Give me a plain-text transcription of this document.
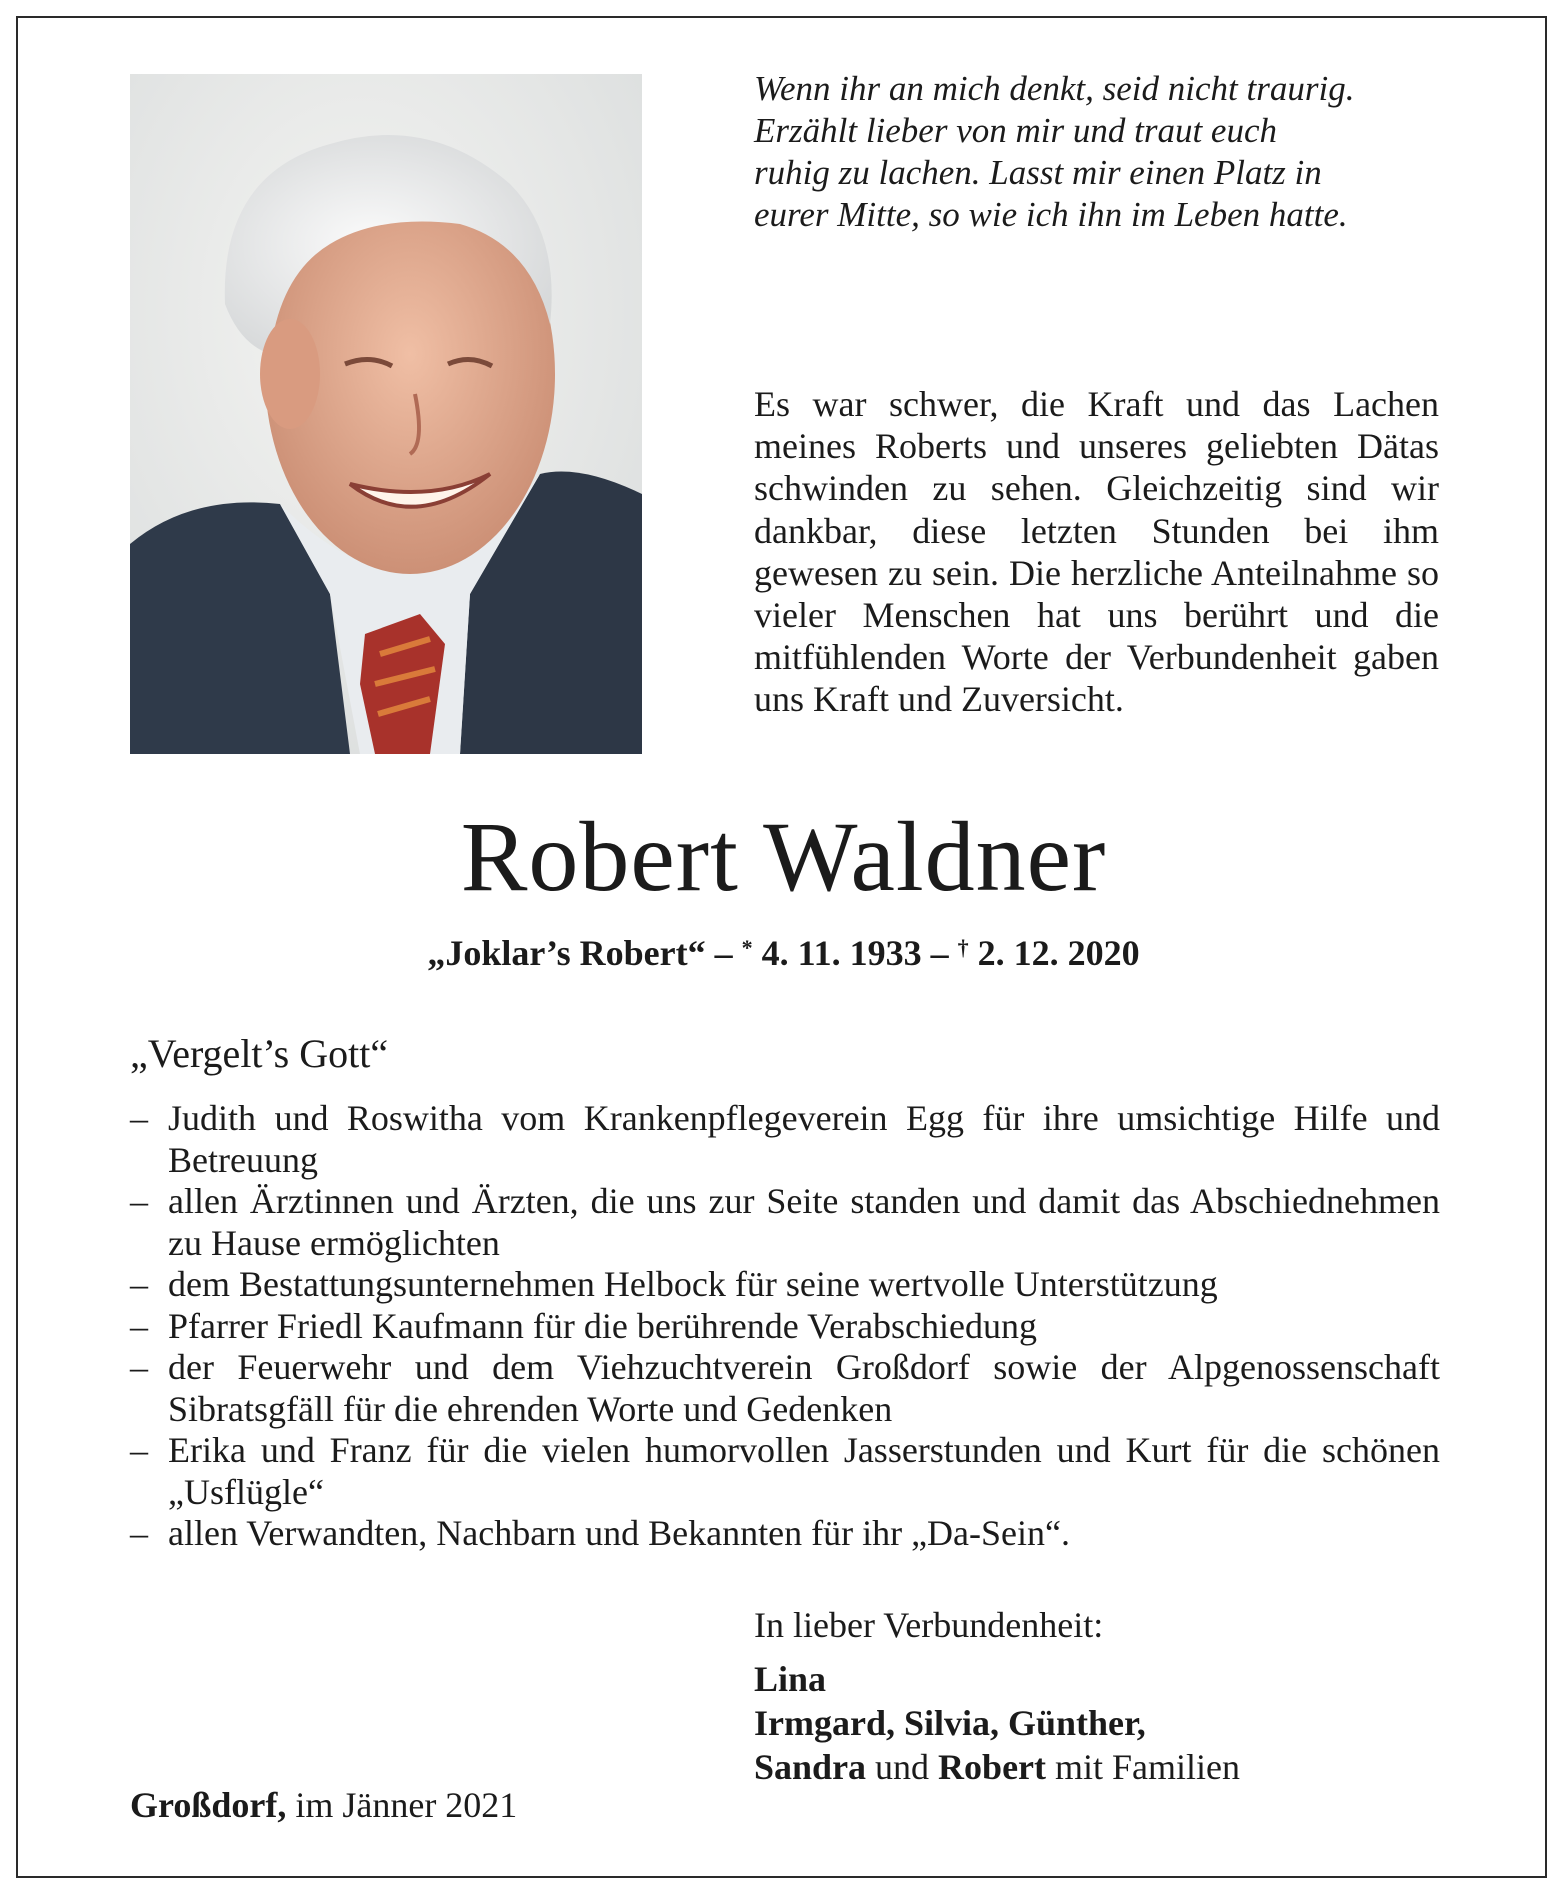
Wenn ihr an mich denkt, seid nicht traurig.
Erzählt lieber von mir und traut euch
ruhig zu lachen. Lasst mir einen Platz in
eurer Mitte, so wie ich ihn im Leben hatte.
Es war schwer, die Kraft und das Lachen meines Roberts und unseres geliebten Dätas schwinden zu sehen. Gleichzeitig sind wir dankbar, diese letzten Stunden bei ihm gewesen zu sein. Die herzliche Anteilnahme so vieler Menschen hat uns berührt und die mitfühlenden Worte der Verbundenheit gaben uns Kraft und Zuversicht.
Robert Waldner
„Joklar’s Robert“ – * 4. 11. 1933 – † 2. 12. 2020
„Vergelt’s Gott“
– Judith und Roswitha vom Krankenpflegeverein Egg für ihre umsichtige Hilfe und Betreuung
– allen Ärztinnen und Ärzten, die uns zur Seite standen und damit das Abschiednehmen zu Hause ermöglichten
– dem Bestattungsunternehmen Helbock für seine wertvolle Unterstützung
– Pfarrer Friedl Kaufmann für die berührende Verabschiedung
– der Feuerwehr und dem Viehzuchtverein Großdorf sowie der Alpgenossenschaft Sibratsgfäll für die ehrenden Worte und Gedenken
– Erika und Franz für die vielen humorvollen Jasserstunden und Kurt für die schönen „Usflügle“
– allen Verwandten, Nachbarn und Bekannten für ihr „Da-Sein“.
In lieber Verbundenheit:
Lina
Irmgard, Silvia, Günther,
Sandra und Robert mit Familien
Großdorf, im Jänner 2021
